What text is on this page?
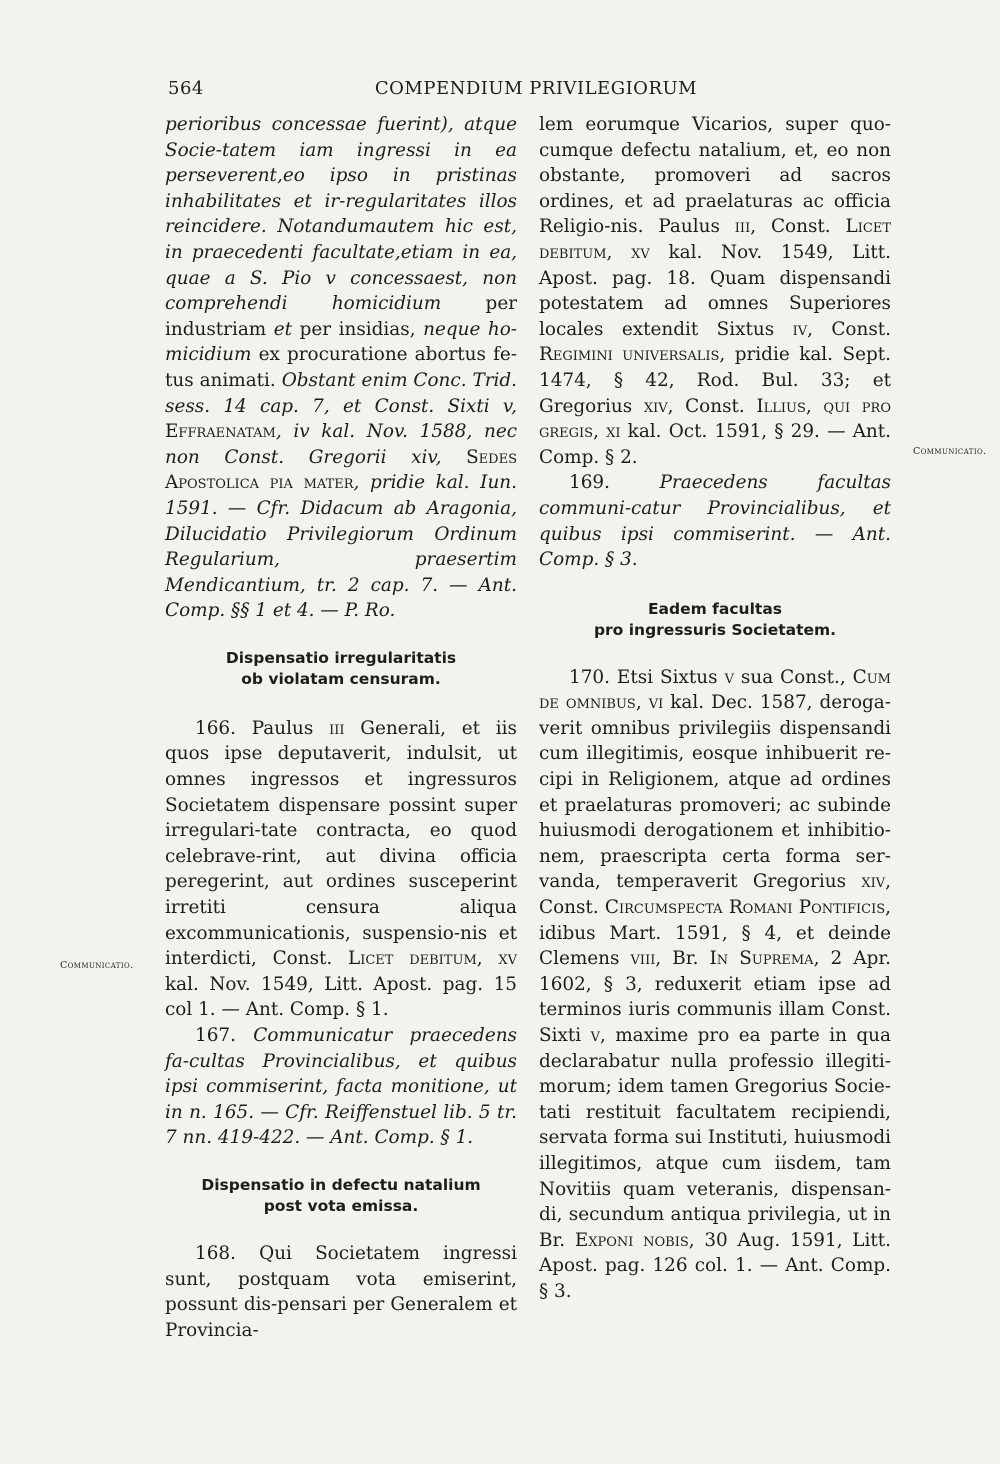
564	COMPENDIUM PRIVILEGIORUM
Communicatio.
Communicatio.

perioribus concessae fuerint), atque Socie-tatem iam ingressi in ea perseverent,eo ipso in pristinas inhabilitates et ir-regularitates illos reincidere. Notandumautem hic est, in praecedenti facultate,etiam in ea, quae a S. Pio v concessaest, non comprehendi homicidium per industriam et per insidias, neque ho-micidium ex procuratione abortus fe-tus animati. Obstant enim Conc. Trid. sess. 14 cap. 7, et Const. Sixti v, Effraenatam, iv kal. Nov. 1588, nec non Const. Gregorii xiv, Sedes Apostolica pia mater, pridie kal. Iun. 1591. — Cfr. Didacum ab Aragonia, Dilucidatio Privilegiorum Ordinum Regularium, praesertim Mendicantium, tr. 2 cap. 7. — Ant. Comp. §§ 1 et 4. — P. Ro.

Dispensatio irregularitatis
ob violatam censuram.

166. Paulus iii Generali, et iis quos ipse deputaverit, indulsit, ut omnes ingressos et ingressuros Societatem dispensare possint super irregulari-tate contracta, eo quod celebrave-rint, aut divina officia peregerint, aut ordines susceperint irretiti censura aliqua excommunicationis, suspensio-nis et interdicti, Const. Licet debitum, xv kal. Nov. 1549, Litt. Apost. pag. 15 col 1. — Ant. Comp. § 1.

167. Communicatur praecedens fa-cultas Provincialibus, et quibus ipsi commiserint, facta monitione, ut in n. 165. — Cfr. Reiffenstuel lib. 5 tr. 7 nn. 419-422. — Ant. Comp. § 1.

Dispensatio in defectu natalium
post vota emissa.

168. Qui Societatem ingressi sunt, postquam vota emiserint, possunt dis-pensari per Generalem et Provincia-

lem eorumque Vicarios, super quo-cumque defectu natalium, et, eo non obstante, promoveri ad sacros ordines, et ad praelaturas ac officia Religio-nis. Paulus iii, Const. Licet debitum, xv kal. Nov. 1549, Litt. Apost. pag. 18. Quam dispensandi potestatem ad omnes Superiores locales extendit Sixtus iv, Const. Regimini universalis, pridie kal. Sept. 1474, § 42, Rod. Bul. 33; et Gregorius xiv, Const. Illius, qui pro gregis, xi kal. Oct. 1591, § 29. — Ant. Comp. § 2.

169. Praecedens facultas communi-catur Provincialibus, et quibus ipsi commiserint. — Ant. Comp. § 3.

Eadem facultas
pro ingressuris Societatem.

170. Etsi Sixtus v sua Const., Cum de omnibus, vi kal. Dec. 1587, deroga-verit omnibus privilegiis dispensandi cum illegitimis, eosque inhibuerit re-cipi in Religionem, atque ad ordines et praelaturas promoveri; ac subinde huiusmodi derogationem et inhibitio-nem, praescripta certa forma ser-vanda, temperaverit Gregorius xiv, Const. Circumspecta Romani Pontificis, idibus Mart. 1591, § 4, et deinde Clemens viii, Br. In Suprema, 2 Apr. 1602, § 3, reduxerit etiam ipse ad terminos iuris communis illam Const. Sixti v, maxime pro ea parte in qua declarabatur nulla professio illegiti-morum; idem tamen Gregorius Socie-tati restituit facultatem recipiendi, servata forma sui Instituti, huiusmodi illegitimos, atque cum iisdem, tam Novitiis quam veteranis, dispensan-di, secundum antiqua privilegia, ut in Br. Exponi nobis, 30 Aug. 1591, Litt. Apost. pag. 126 col. 1. — Ant. Comp. § 3.
